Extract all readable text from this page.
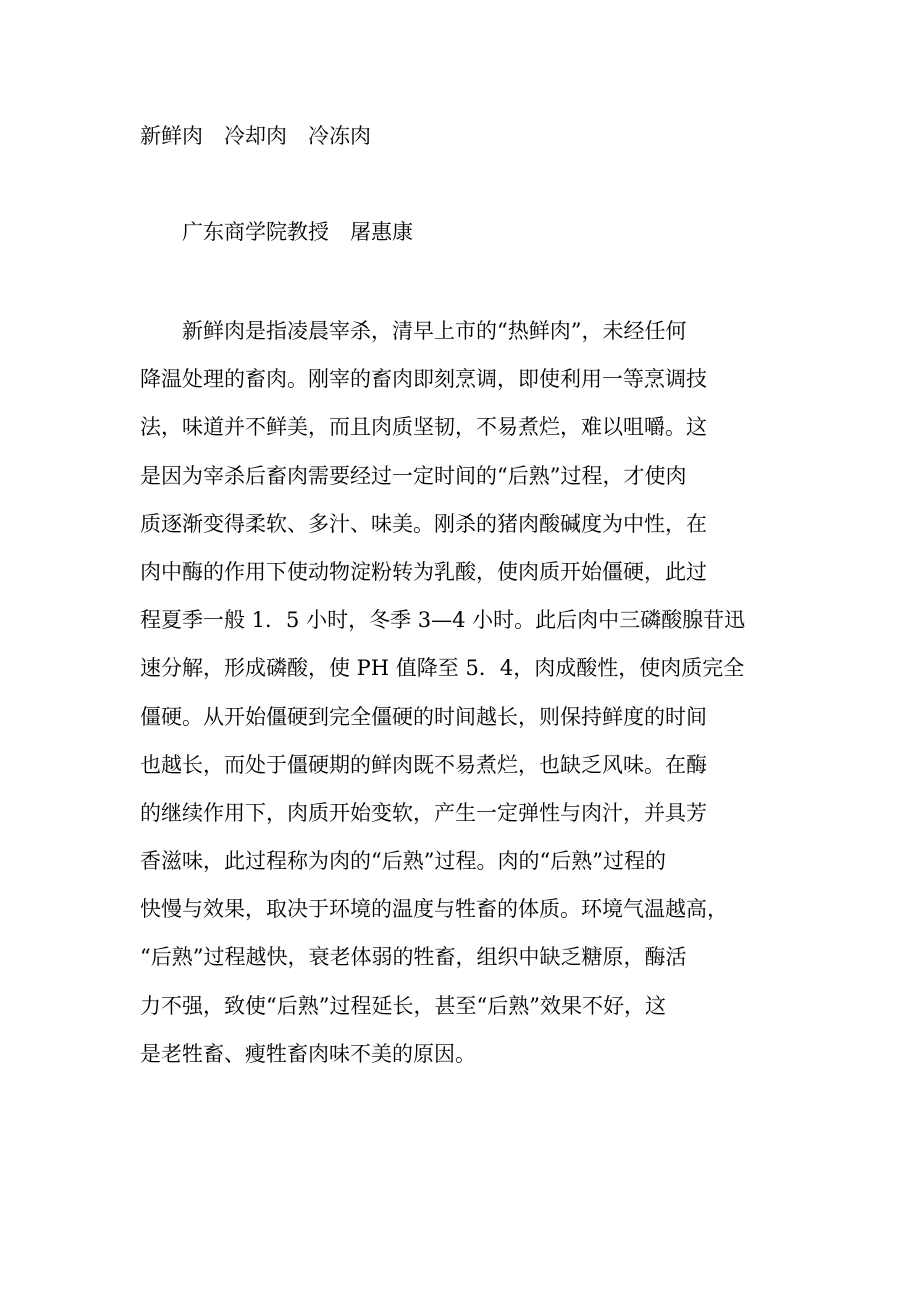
新鲜肉　冷却肉　冷冻肉
广东商学院教授　屠惠康
新鲜肉是指凌晨宰杀，清早上市的“热鲜肉”，未经任何
降温处理的畜肉。刚宰的畜肉即刻烹调，即使利用一等烹调技
法，味道并不鲜美，而且肉质坚韧，不易煮烂，难以咀嚼。这
是因为宰杀后畜肉需要经过一定时间的“后熟”过程，才使肉
质逐渐变得柔软、多汁、味美。刚杀的猪肉酸碱度为中性，在
肉中酶的作用下使动物淀粉转为乳酸，使肉质开始僵硬，此过
程夏季一般 1．5 小时，冬季 3—4 小时。此后肉中三磷酸腺苷迅
速分解，形成磷酸，使 PH 值降至 5．4，肉成酸性，使肉质完全
僵硬。从开始僵硬到完全僵硬的时间越长，则保持鲜度的时间
也越长，而处于僵硬期的鲜肉既不易煮烂，也缺乏风味。在酶
的继续作用下，肉质开始变软，产生一定弹性与肉汁，并具芳
香滋味，此过程称为肉的“后熟”过程。肉的“后熟”过程的
快慢与效果，取决于环境的温度与牲畜的体质。环境气温越高，
“后熟”过程越快，衰老体弱的牲畜，组织中缺乏糖原，酶活
力不强，致使“后熟”过程延长，甚至“后熟”效果不好，这
是老牲畜、瘦牲畜肉味不美的原因。
